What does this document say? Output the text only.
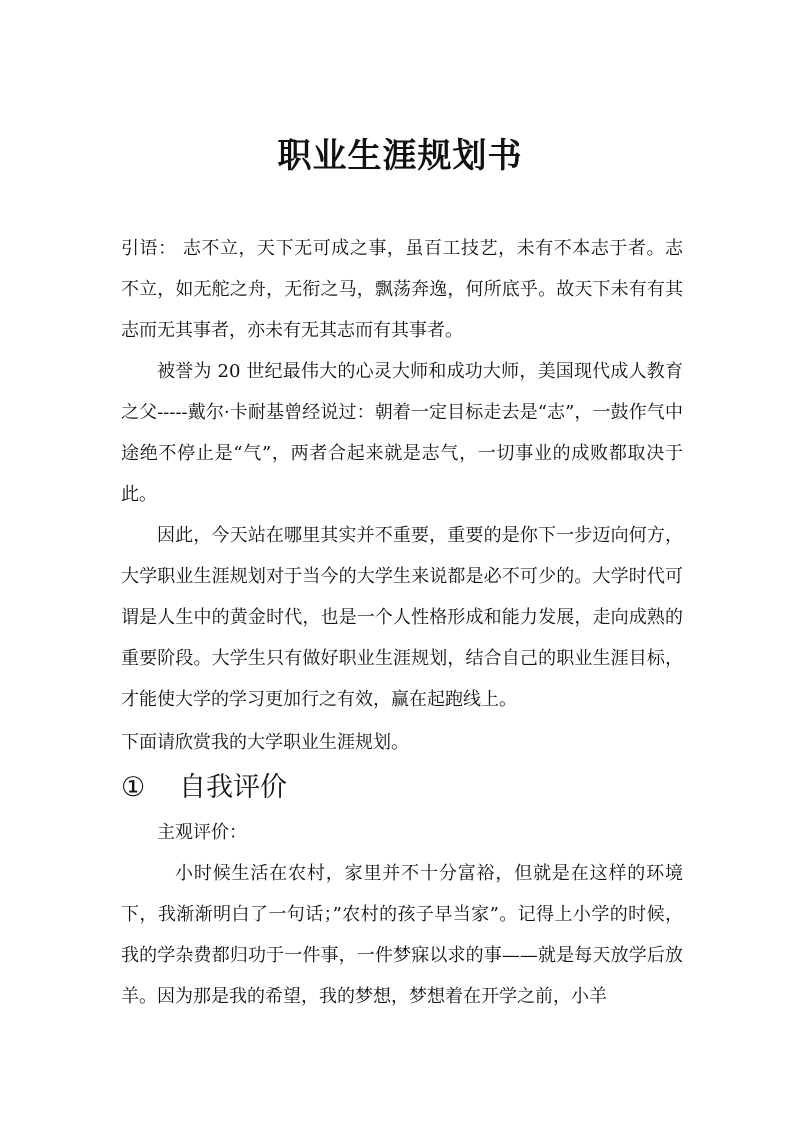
职业生涯规划书

引语： 志不立，天下无可成之事，虽百工技艺，未有不本志于者。志不立，如无舵之舟，无衔之马，飘荡奔逸，何所底乎。故天下未有有其志而无其事者，亦未有无其志而有其事者。

被誉为 20 世纪最伟大的心灵大师和成功大师，美国现代成人教育之父-----戴尔·卡耐基曾经说过：朝着一定目标走去是“志”，一鼓作气中途绝不停止是“气”，两者合起来就是志气，一切事业的成败都取决于此。

因此，今天站在哪里其实并不重要，重要的是你下一步迈向何方，大学职业生涯规划对于当今的大学生来说都是必不可少的。大学时代可谓是人生中的黄金时代，也是一个人性格形成和能力发展，走向成熟的重要阶段。大学生只有做好职业生涯规划，结合自己的职业生涯目标，才能使大学的学习更加行之有效，赢在起跑线上。

下面请欣赏我的大学职业生涯规划。

① 自我评价

主观评价：

小时候生活在农村，家里并不十分富裕，但就是在这样的环境下，我渐渐明白了一句话；”农村的孩子早当家”。记得上小学的时候，我的学杂费都归功于一件事，一件梦寐以求的事——就是每天放学后放羊。因为那是我的希望，我的梦想，梦想着在开学之前，小羊
